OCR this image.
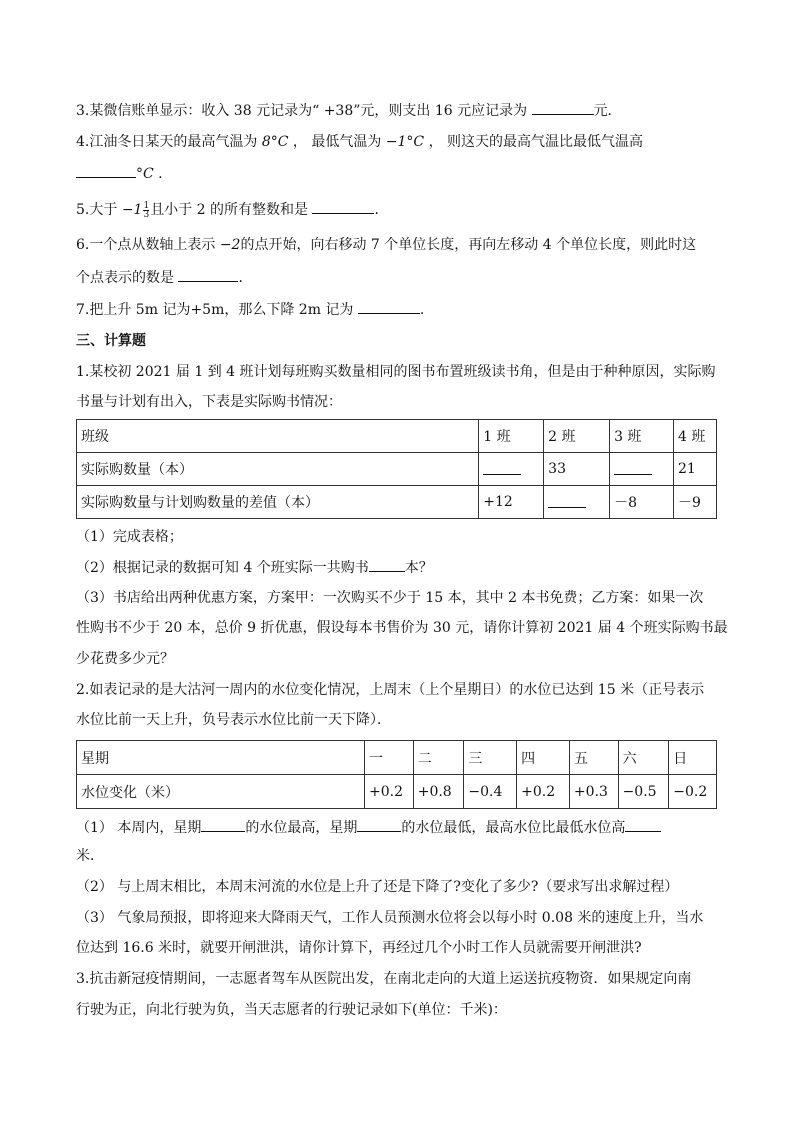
3.某微信账单显示：收入 38 元记录为“ +38”元，则支出 16 元应记录为	元．
4.江油冬日某天的最高气温为 8°C ， 最低气温为 −1°C ， 则这天的最高气温比最低气温高
°C .
5.大于 $-1 \frac{1}{3}$ 且小于 2 的所有整数和是	．
6.一个点从数轴上表示 −2的点开始，向右移动 7 个单位长度，再向左移动 4 个单位长度，则此时这
个点表示的数是	．
7.把上升 5m 记为+5m，那么下降 2m 记为	.
三、计算题
1.某校初 2021 届 1 到 4 班计划每班购买数量相同的图书布置班级读书角，但是由于种种原因，实际购
书量与计划有出入，下表是实际购书情况：
班级	1 班	2 班	3 班	4 班
实际购数量（本）		33		21
实际购数量与计划购数量的差值（本）	+12		－8	－9
（1）完成表格；
（2）根据记录的数据可知 4 个班实际一共购书	本？
（3）书店给出两种优惠方案，方案甲：一次购买不少于 15 本，其中 2 本书免费；乙方案：如果一次
性购书不少于 20 本，总价 9 折优惠，假设每本书售价为 30 元，请你计算初 2021 届 4 个班实际购书最
少花费多少元？
2.如表记录的是大沽河一周内的水位变化情况，上周末（上个星期日）的水位已达到 15 米（正号表示
水位比前一天上升，负号表示水位比前一天下降）．
星期	一	二	三	四	五	六	日
水位变化（米）	+0.2	+0.8	−0.4	+0.2	+0.3	−0.5	−0.2
（1） 本周内，星期	的水位最高，星期	的水位最低，最高水位比最低水位高
米．
（2） 与上周末相比，本周末河流的水位是上升了还是下降了?变化了多少?（要求写出求解过程）
（3） 气象局预报，即将迎来大降雨天气，工作人员预测水位将会以每小时 0.08 米的速度上升，当水
位达到 16.6 米时，就要开闸泄洪，请你计算下，再经过几个小时工作人员就需要开闸泄洪?
3.抗击新冠疫情期间，一志愿者驾车从医院出发，在南北走向的大道上运送抗疫物资．如果规定向南
行驶为正，向北行驶为负，当天志愿者的行驶记录如下(单位：千米)：
